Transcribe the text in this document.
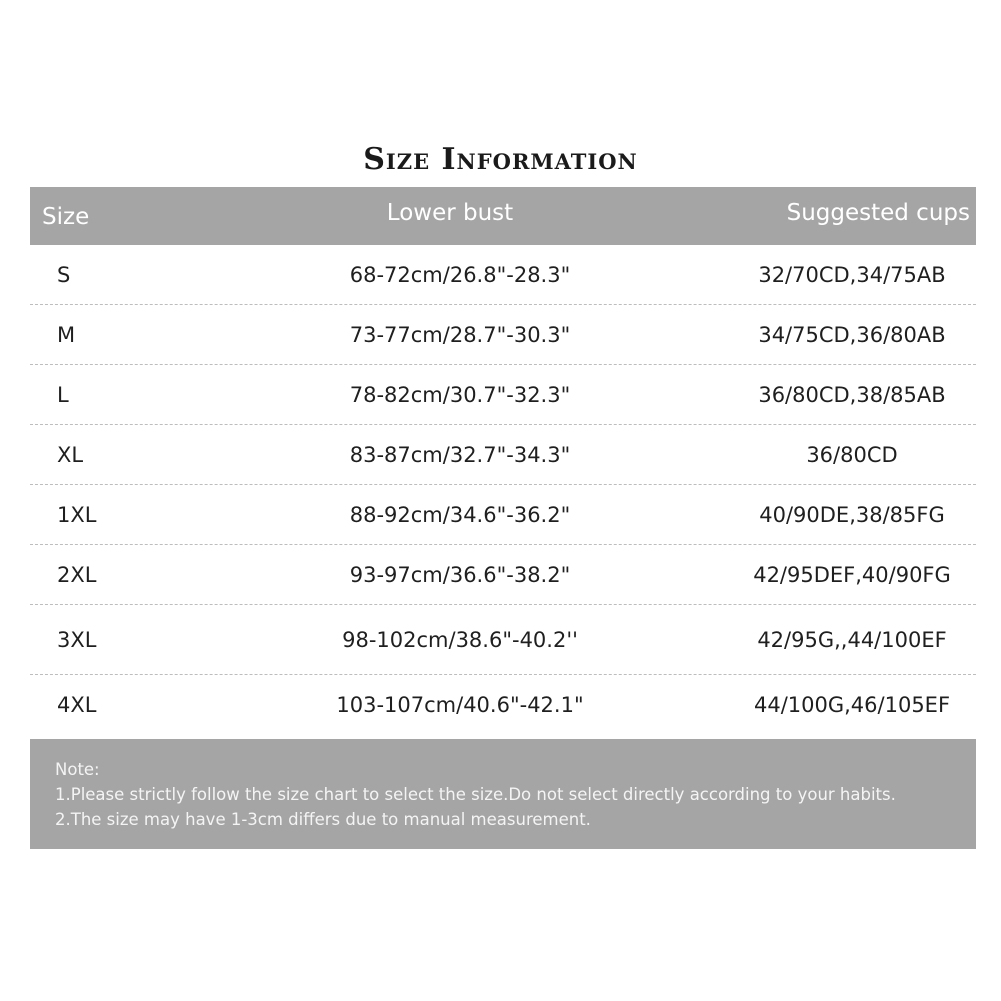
Size Information
Size	Lower bust	Suggested cups
S	68-72cm/26.8"-28.3"	32/70CD,34/75AB
M	73-77cm/28.7"-30.3"	34/75CD,36/80AB
L	78-82cm/30.7"-32.3"	36/80CD,38/85AB
XL	83-87cm/32.7"-34.3"	36/80CD
1XL	88-92cm/34.6"-36.2"	40/90DE,38/85FG
2XL	93-97cm/36.6"-38.2"	42/95DEF,40/90FG
3XL	98-102cm/38.6"-40.2''	42/95G,,44/100EF
4XL	103-107cm/40.6"-42.1"	44/100G,46/105EF
Note:
1.Please strictly follow the size chart to select the size.Do not select directly according to your habits.
2.The size may have 1-3cm differs due to manual measurement.
